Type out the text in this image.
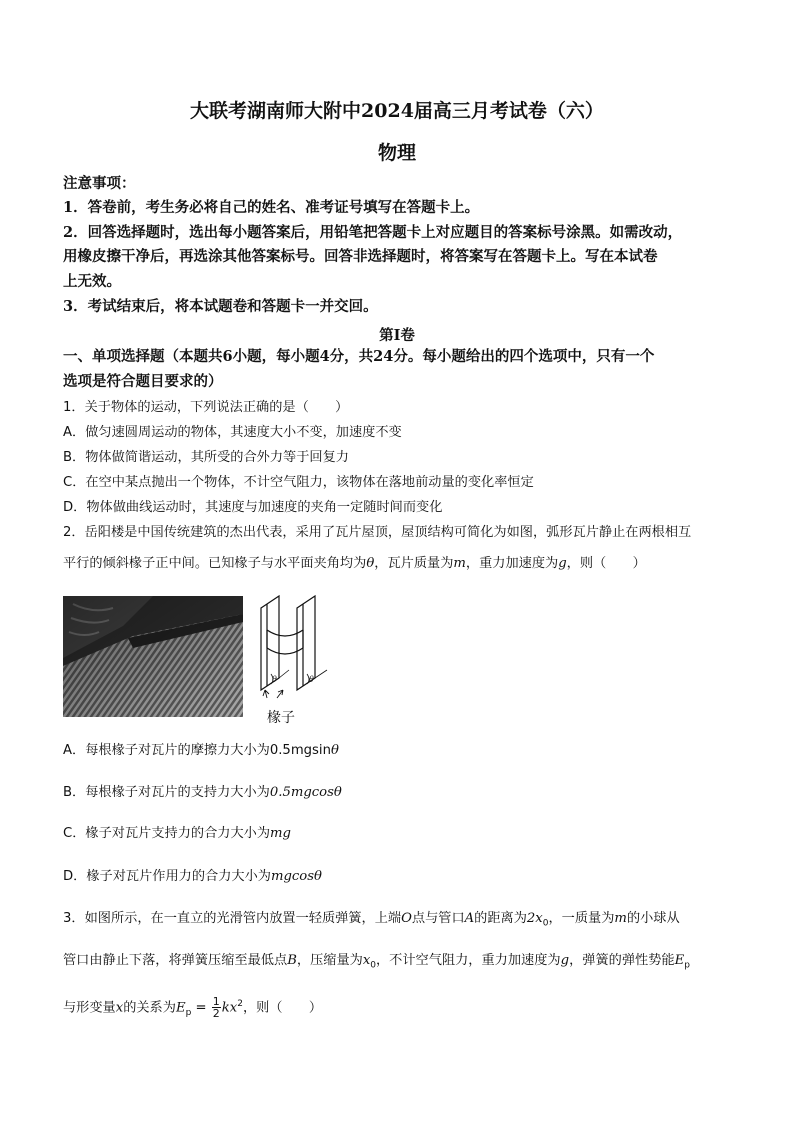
大联考湖南师大附中2024届高三月考试卷（六）
物理
注意事项：
1．答卷前，考生务必将自己的姓名、准考证号填写在答题卡上。
2．回答选择题时，选出每小题答案后，用铅笔把答题卡上对应题目的答案标号涂黑。如需改动，
用橡皮擦干净后，再选涂其他答案标号。回答非选择题时，将答案写在答题卡上。写在本试卷
上无效。
3．考试结束后，将本试题卷和答题卡一并交回。
第Ⅰ卷
一、单项选择题（本题共6小题，每小题4分，共24分。每小题给出的四个选项中，只有一个
选项是符合题目要求的）
1．关于物体的运动，下列说法正确的是（　　）
A．做匀速圆周运动的物体，其速度大小不变，加速度不变
B．物体做简谐运动，其所受的合外力等于回复力
C．在空中某点抛出一个物体，不计空气阻力，该物体在落地前动量的变化率恒定
D．物体做曲线运动时，其速度与加速度的夹角一定随时间而变化
2．岳阳楼是中国传统建筑的杰出代表，采用了瓦片屋顶，屋顶结构可简化为如图，弧形瓦片静止在两根相互
平行的倾斜椽子正中间。已知椽子与水平面夹角均为θ，瓦片质量为m，重力加速度为g，则（　　）
θ	θ
椽子
A．每根椽子对瓦片的摩擦力大小为0.5mgsinθ
B．每根椽子对瓦片的支持力大小为0.5mgcosθ
C．椽子对瓦片支持力的合力大小为mg
D．椽子对瓦片作用力的合力大小为mgcosθ
3．如图所示，在一直立的光滑管内放置一轻质弹簧，上端O点与管口A的距离为$2x_0$，一质量为m的小球从
管口由静止下落，将弹簧压缩至最低点B，压缩量为$x_0$，不计空气阻力，重力加速度为g，弹簧的弹性势能$E_p$
与形变量x的关系为$E_p = \frac{1}{2} kx^2$，则（　　）
